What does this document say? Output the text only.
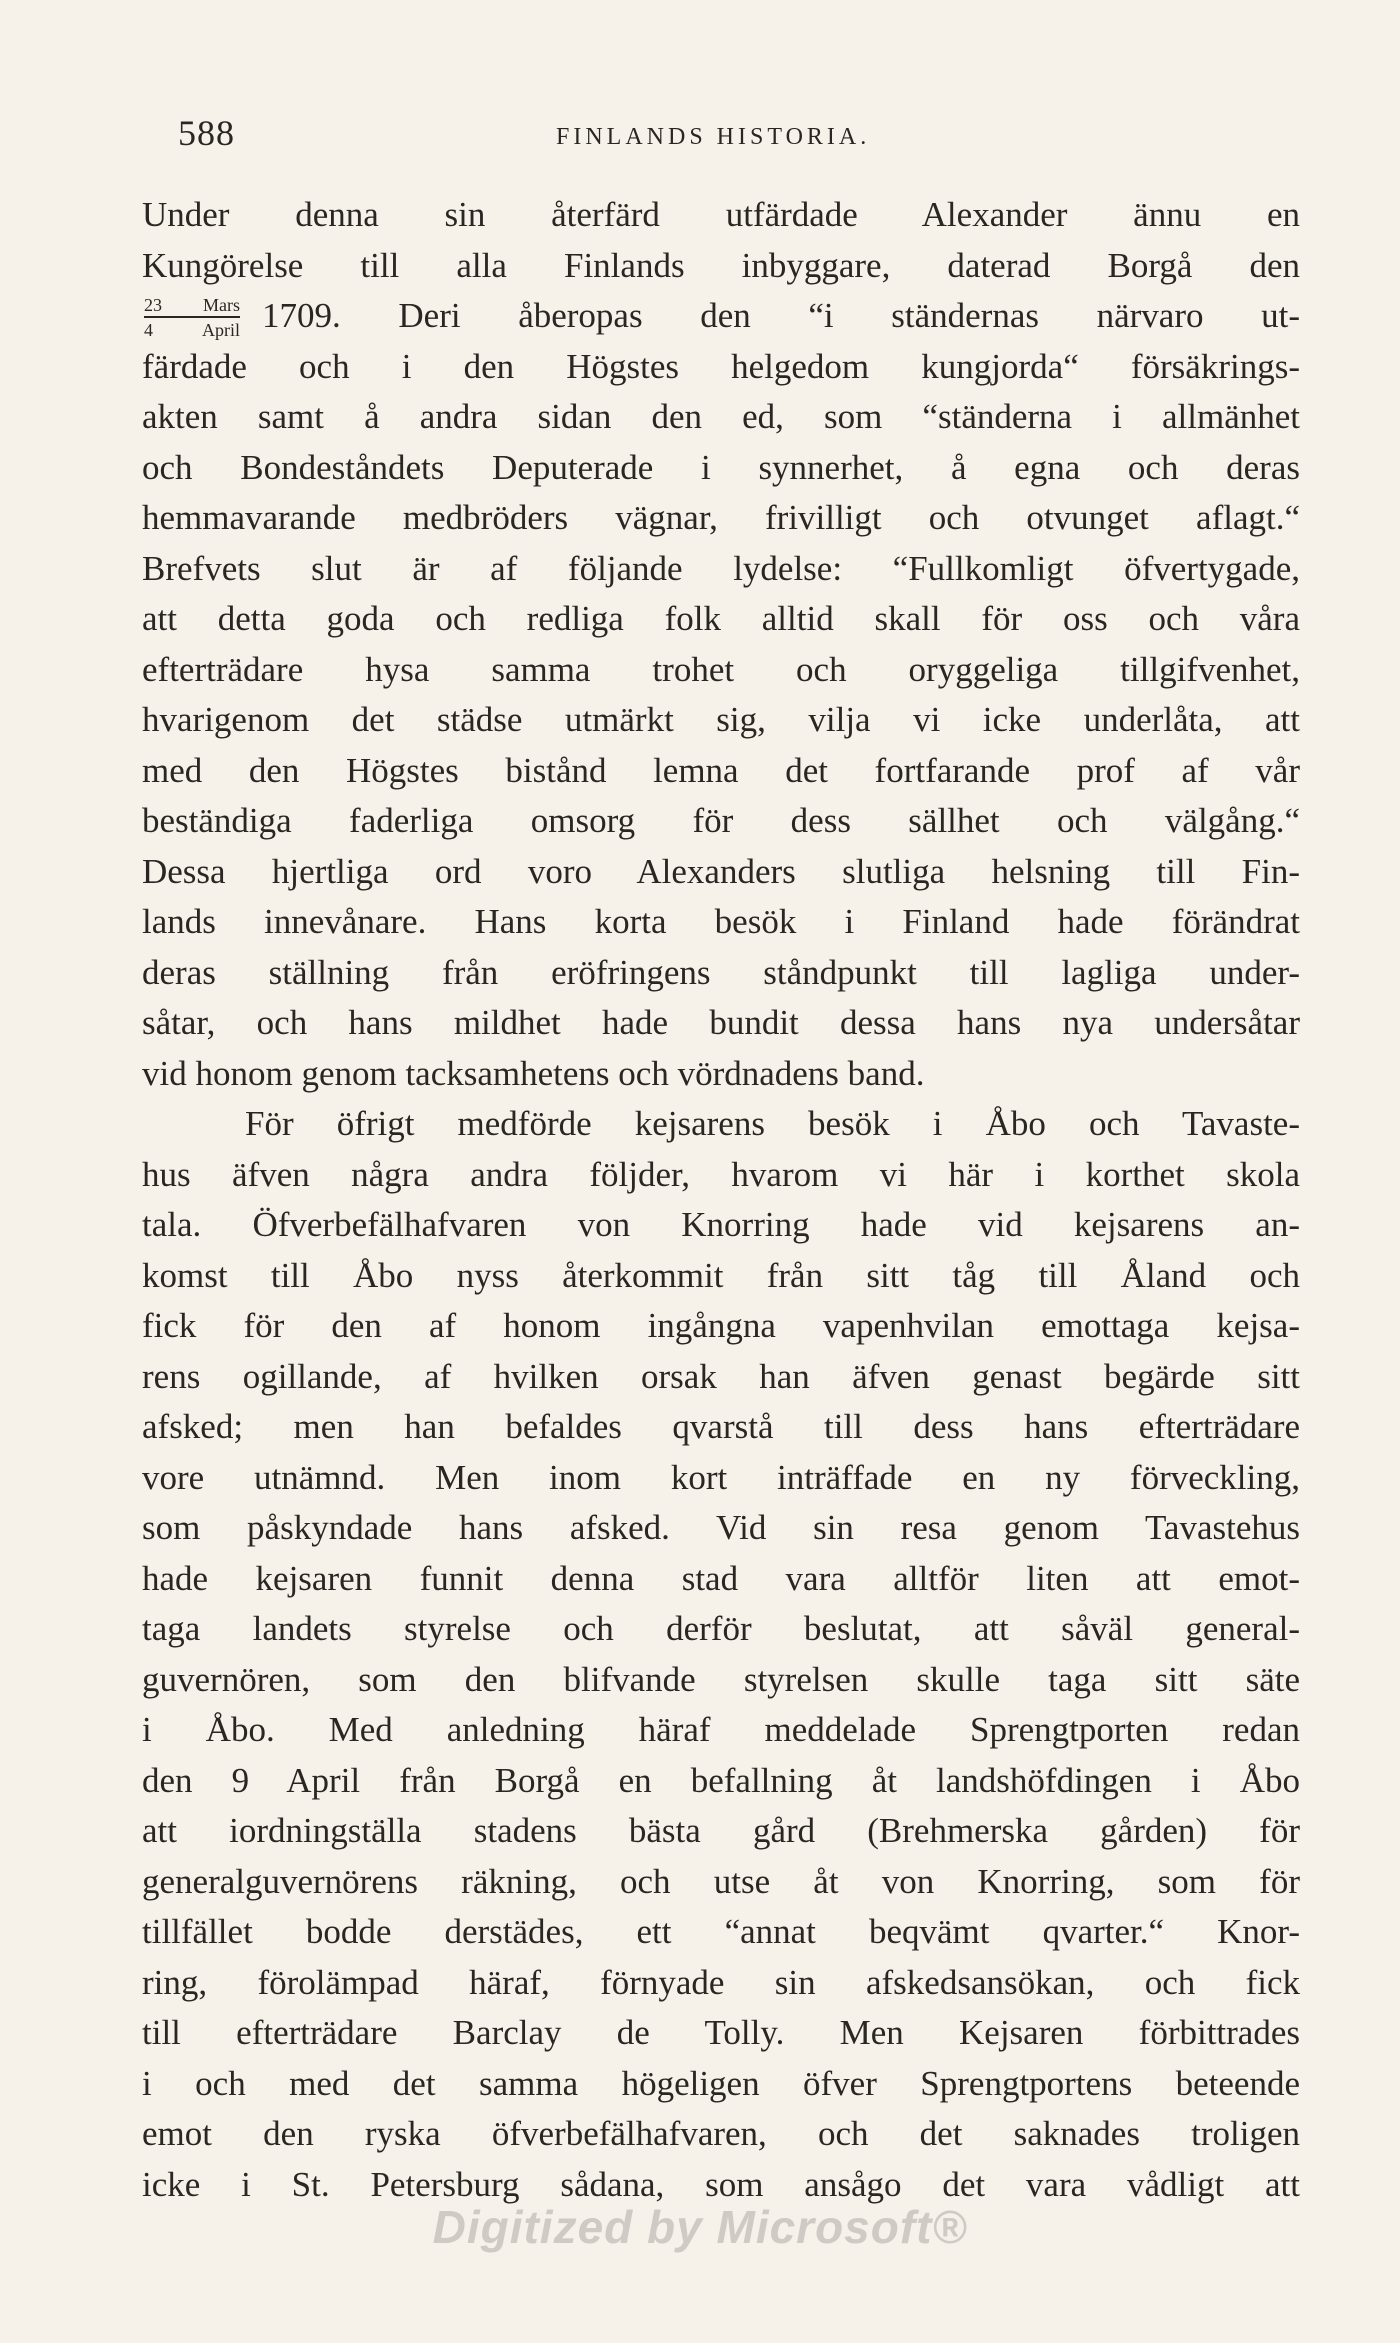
588	FINLANDS HISTORIA.
Under denna sin återfärd utfärdade Alexander ännu en
Kungörelse till alla Finlands inbyggare, daterad Borgå den
23 Mars
4 April 1709. Deri åberopas den “i ständernas närvaro ut-
färdade och i den Högstes helgedom kungjorda“ försäkrings-
akten samt å andra sidan den ed, som “ständerna i allmänhet
och Bondeståndets Deputerade i synnerhet, å egna och deras
hemmavarande medbröders vägnar, frivilligt och otvunget aflagt.“
Brefvets slut är af följande lydelse: “Fullkomligt öfvertygade,
att detta goda och redliga folk alltid skall för oss och våra
efterträdare hysa samma trohet och oryggeliga tillgifvenhet,
hvarigenom det städse utmärkt sig, vilja vi icke underlåta, att
med den Högstes bistånd lemna det fortfarande prof af vår
beständiga faderliga omsorg för dess sällhet och välgång.“
Dessa hjertliga ord voro Alexanders slutliga helsning till Fin-
lands innevånare. Hans korta besök i Finland hade förändrat
deras ställning från eröfringens ståndpunkt till lagliga under-
såtar, och hans mildhet hade bundit dessa hans nya undersåtar
vid honom genom tacksamhetens och vördnadens band.
För öfrigt medförde kejsarens besök i Åbo och Tavaste-
hus äfven några andra följder, hvarom vi här i korthet skola
tala. Öfverbefälhafvaren von Knorring hade vid kejsarens an-
komst till Åbo nyss återkommit från sitt tåg till Åland och
fick för den af honom ingångna vapenhvilan emottaga kejsa-
rens ogillande, af hvilken orsak han äfven genast begärde sitt
afsked; men han befaldes qvarstå till dess hans efterträdare
vore utnämnd. Men inom kort inträffade en ny förveckling,
som påskyndade hans afsked. Vid sin resa genom Tavastehus
hade kejsaren funnit denna stad vara alltför liten att emot-
taga landets styrelse och derför beslutat, att såväl general-
guvernören, som den blifvande styrelsen skulle taga sitt säte
i Åbo. Med anledning häraf meddelade Sprengtporten redan
den 9 April från Borgå en befallning åt landshöfdingen i Åbo
att iordningställa stadens bästa gård (Brehmerska gården) för
generalguvernörens räkning, och utse åt von Knorring, som för
tillfället bodde derstädes, ett “annat beqvämt qvarter.“ Knor-
ring, förolämpad häraf, förnyade sin afskedsansökan, och fick
till efterträdare Barclay de Tolly. Men Kejsaren förbittrades
i och med det samma högeligen öfver Sprengtportens beteende
emot den ryska öfverbefälhafvaren, och det saknades troligen
icke i St. Petersburg sådana, som ansågo det vara vådligt att
Digitized by Microsoft®
